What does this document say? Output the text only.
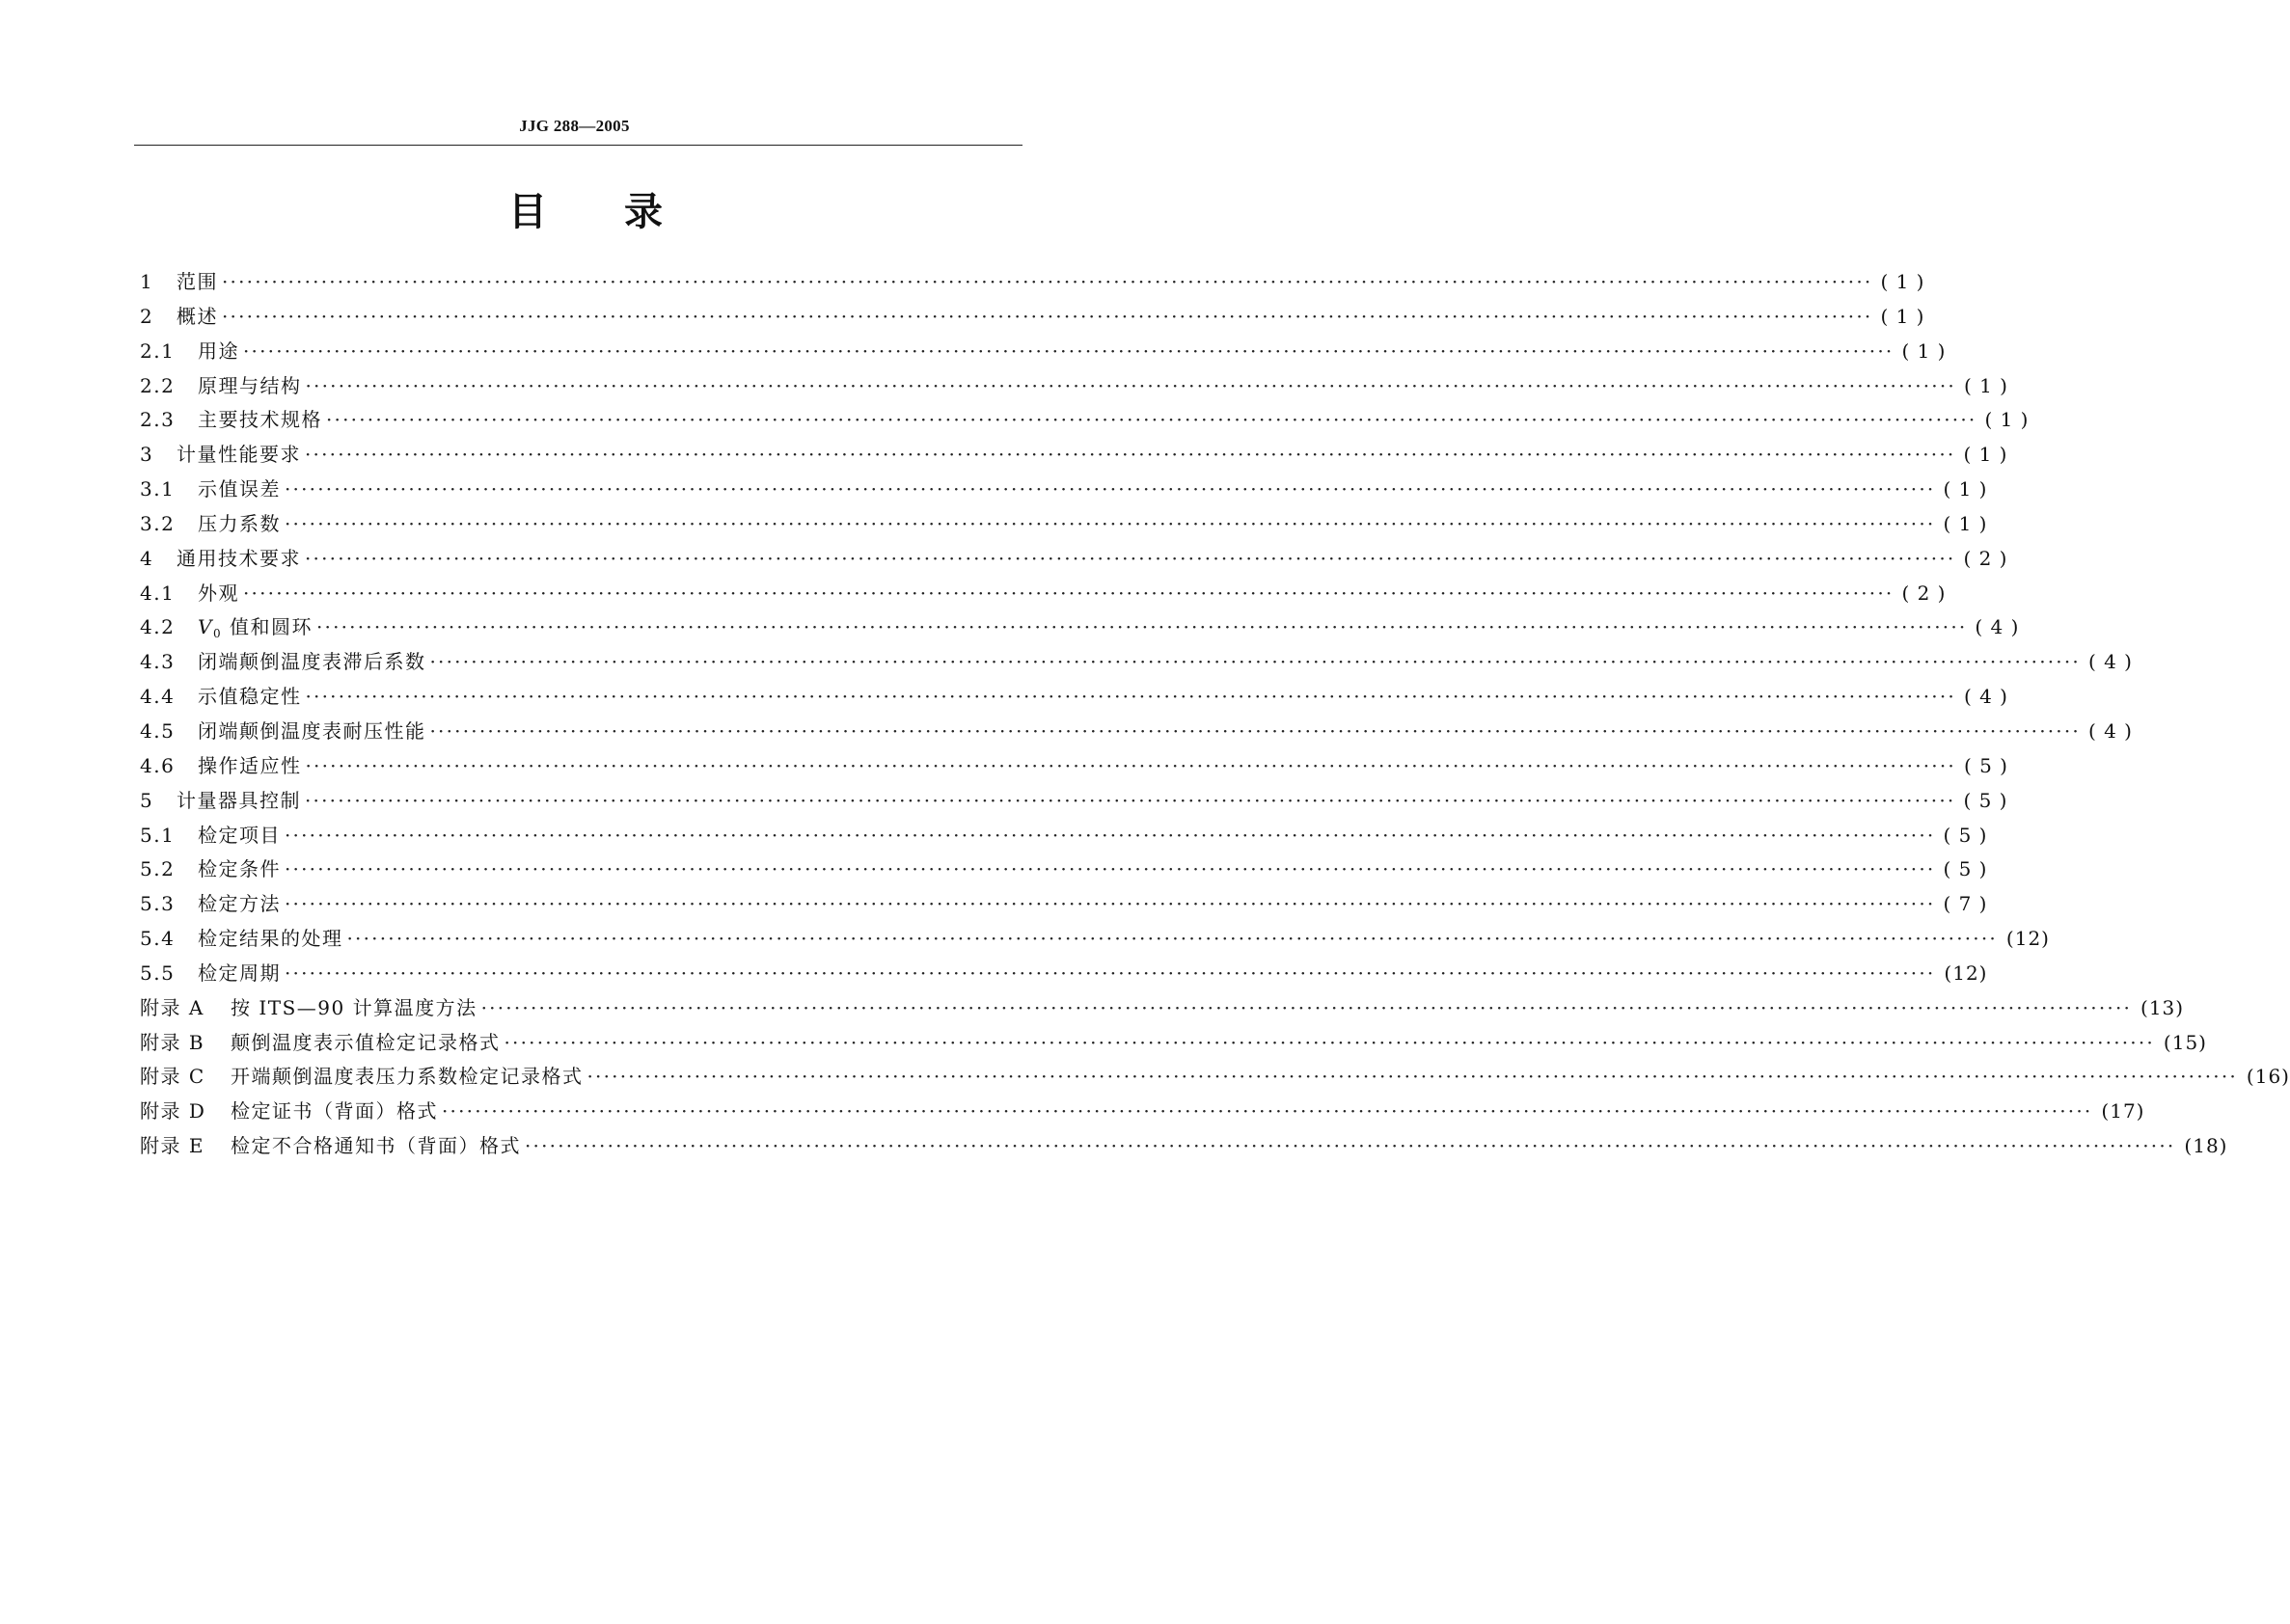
JJG 288—2005
目 录
1	范围 ········································································································································································································ ( 1 )
2	概述 ········································································································································································································ ( 1 )
2.1	用途 ········································································································································································································ ( 1 )
2.2	原理与结构 ········································································································································································································ ( 1 )
2.3	主要技术规格 ········································································································································································································ ( 1 )
3	计量性能要求 ········································································································································································································ ( 1 )
3.1	示值误差 ········································································································································································································ ( 1 )
3.2	压力系数 ········································································································································································································ ( 1 )
4	通用技术要求 ········································································································································································································ ( 2 )
4.1	外观 ········································································································································································································ ( 2 )
4.2	$V_0$ 值和圆环 ········································································································································································································ ( 4 )
4.3	闭端颠倒温度表滞后系数 ········································································································································································································ ( 4 )
4.4	示值稳定性 ········································································································································································································ ( 4 )
4.5	闭端颠倒温度表耐压性能 ········································································································································································································ ( 4 )
4.6	操作适应性 ········································································································································································································ ( 5 )
5	计量器具控制 ········································································································································································································ ( 5 )
5.1	检定项目 ········································································································································································································ ( 5 )
5.2	检定条件 ········································································································································································································ ( 5 )
5.3	检定方法 ········································································································································································································ ( 7 )
5.4	检定结果的处理 ········································································································································································································ (12)
5.5	检定周期 ········································································································································································································ (12)
附录 A	按 ITS—90 计算温度方法 ········································································································································································································ (13)
附录 B	颠倒温度表示值检定记录格式 ········································································································································································································ (15)
附录 C	开端颠倒温度表压力系数检定记录格式 ········································································································································································································ (16)
附录 D	检定证书（背面）格式 ········································································································································································································ (17)
附录 E	检定不合格通知书（背面）格式 ········································································································································································································ (18)
